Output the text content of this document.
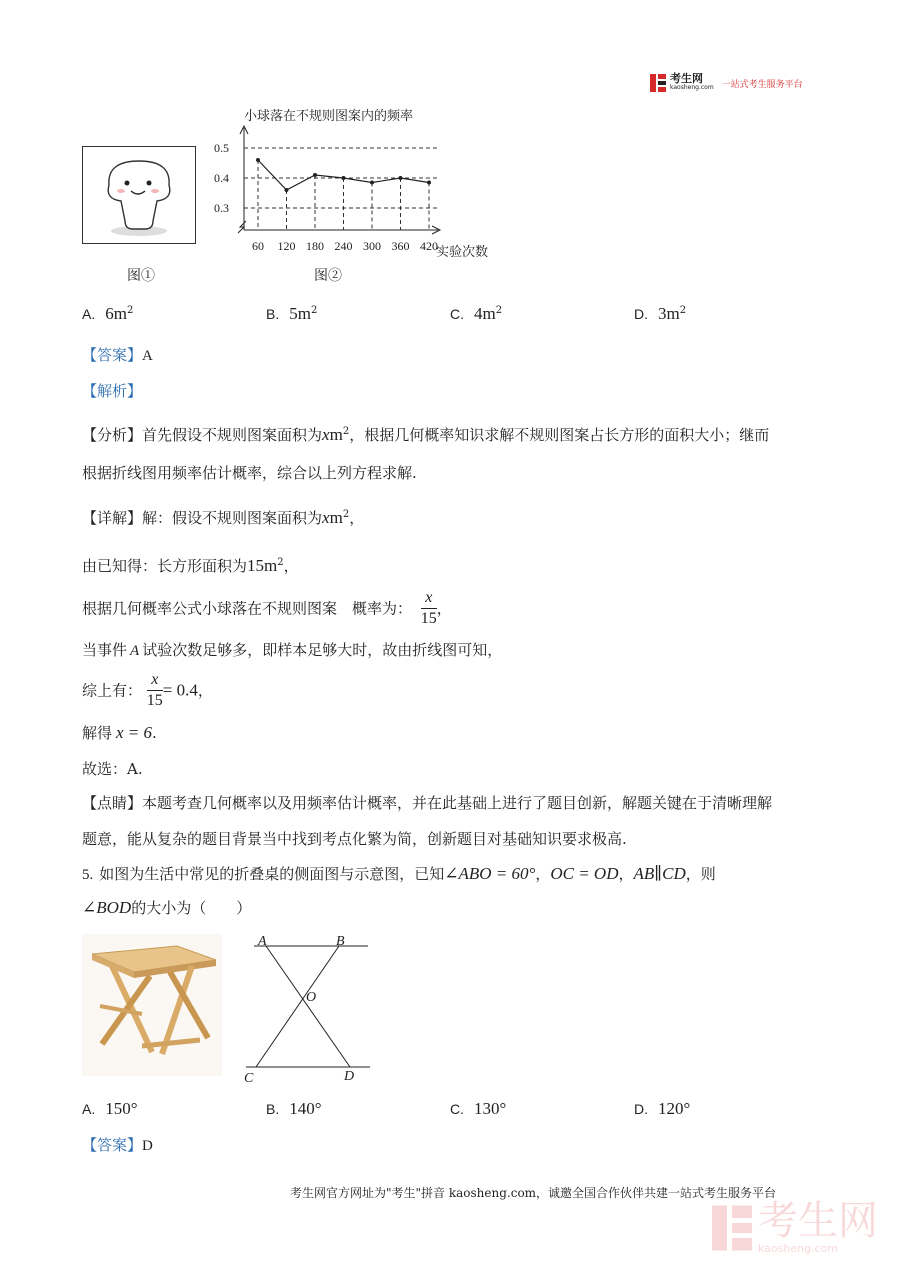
考生网
kaosheng.com 一站式考生服务平台
小球落在不规则图案内的频率
实验次数
0.3
0.4
0.5
60 120 180 240 300 360 420
图①	图②
A. $6m^2$	B. $5m^2$	C. $4m^2$	D. $3m^2$
【答案】A
【解析】
【分析】首先假设不规则图案面积为$xm^2$，根据几何概率知识求解不规则图案占长方形的面积大小；继而
根据折线图用频率估计概率，综合以上列方程求解.
【详解】解：假设不规则图案面积为$xm^2$，
由已知得：长方形面积为$15m^2$，
根据几何概率公式小球落在不规则图案　概率为： $\frac{x}{15}$ ，
当事件 A 试验次数足够多，即样本足够大时，故由折线图可知，
综上有： $\frac{x}{15} = 0.4$，
解得 x = 6.
故选：A.
【点睛】本题考查几何概率以及用频率估计概率，并在此基础上进行了题目创新，解题关键在于清晰理解
题意，能从复杂的题目背景当中找到考点化繁为简，创新题目对基础知识要求极高.
5. 如图为生活中常见的折叠桌的侧面图与示意图，已知∠ABO = 60°，OC = OD，AB∥CD，则
∠BOD的大小为（　　）
A	B
O
C	D
A. 150°	B. 140°	C. 130°	D. 120°
【答案】D
考生网官方网址为"考生"拼音 kaosheng.com，诚邀全国合作伙伴共建一站式考生服务平台
考生网
kaosheng.com
